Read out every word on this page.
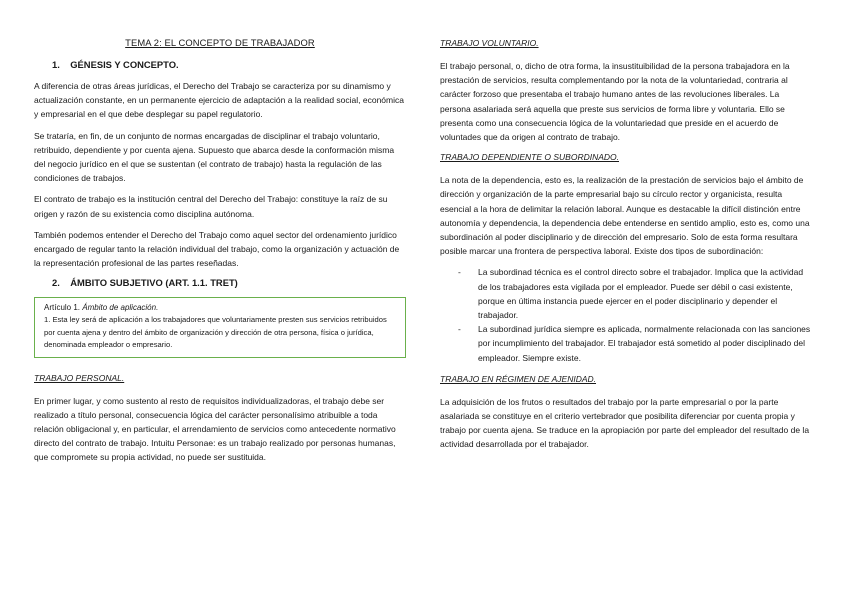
TEMA 2: EL CONCEPTO DE TRABAJADOR
1. GÉNESIS Y CONCEPTO.

A diferencia de otras áreas jurídicas, el Derecho del Trabajo se caracteriza por su dinamismo y actualización constante, en un permanente ejercicio de adaptación a la realidad social, económica y empresarial en el que debe desplegar su papel regulatorio.

Se trataría, en fin, de un conjunto de normas encargadas de disciplinar el trabajo voluntario, retribuido, dependiente y por cuenta ajena. Supuesto que abarca desde la conformación misma del negocio jurídico en el que se sustentan (el contrato de trabajo) hasta la regulación de las condiciones de trabajos.

El contrato de trabajo es la institución central del Derecho del Trabajo: constituye la raíz de su origen y razón de su existencia como disciplina autónoma.

También podemos entender el Derecho del Trabajo como aquel sector del ordenamiento jurídico encargado de regular tanto la relación individual del trabajo, como la organización y actuación de la representación profesional de las partes reseñadas.

2. ÁMBITO SUBJETIVO (ART. 1.1. TRET)
Artículo 1. Ámbito de aplicación.

1. Esta ley será de aplicación a los trabajadores que voluntariamente presten sus servicios retribuidos por cuenta ajena y dentro del ámbito de organización y dirección de otra persona, física o jurídica, denominada empleador o empresario.

TRABAJO PERSONAL.

En primer lugar, y como sustento al resto de requisitos individualizadoras, el trabajo debe ser realizado a título personal, consecuencia lógica del carácter personalísimo atribuible a toda relación obligacional y, en particular, el arrendamiento de servicios como antecedente normativo directo del contrato de trabajo. Intuitu Personae: es un trabajo realizado por personas humanas, que compromete su propia actividad, no puede ser sustituida.

TRABAJO VOLUNTARIO.

El trabajo personal, o, dicho de otra forma, la insustituibilidad de la persona trabajadora en la prestación de servicios, resulta complementando por la nota de la voluntariedad, contraria al carácter forzoso que presentaba el trabajo humano antes de las revoluciones liberales. La persona asalariada será aquella que preste sus servicios de forma libre y voluntaria. Ello se presenta como una consecuencia lógica de la voluntariedad que preside en el acuerdo de voluntades que da origen al contrato de trabajo.

TRABAJO DEPENDIENTE O SUBORDINADO.

La nota de la dependencia, esto es, la realización de la prestación de servicios bajo el ámbito de dirección y organización de la parte empresarial bajo su círculo rector y organicista, resulta esencial a la hora de delimitar la relación laboral. Aunque es destacable la difícil distinción entre autonomía y dependencia, la dependencia debe entenderse en sentido amplio, esto es, como una subordinación al poder disciplinario y de dirección del empresario. Solo de esta forma resultara posible marcar una frontera de perspectiva laboral. Existe dos tipos de subordinación:

- La subordinad técnica es el control directo sobre el trabajador. Implica que la actividad de los trabajadores esta vigilada por el empleador. Puede ser débil o casi existente, porque en última instancia puede ejercer en el poder disciplinario y depender el trabajador.
- La subordinad jurídica siempre es aplicada, normalmente relacionada con las sanciones por incumplimiento del trabajador. El trabajador está sometido al poder disciplinado del empleador. Siempre existe.
TRABAJO EN RÉGIMEN DE AJENIDAD.

La adquisición de los frutos o resultados del trabajo por la parte empresarial o por la parte asalariada se constituye en el criterio vertebrador que posibilita diferenciar por cuenta propia y trabajo por cuenta ajena. Se traduce en la apropiación por parte del empleador del resultado de la actividad desarrollada por el trabajador.
